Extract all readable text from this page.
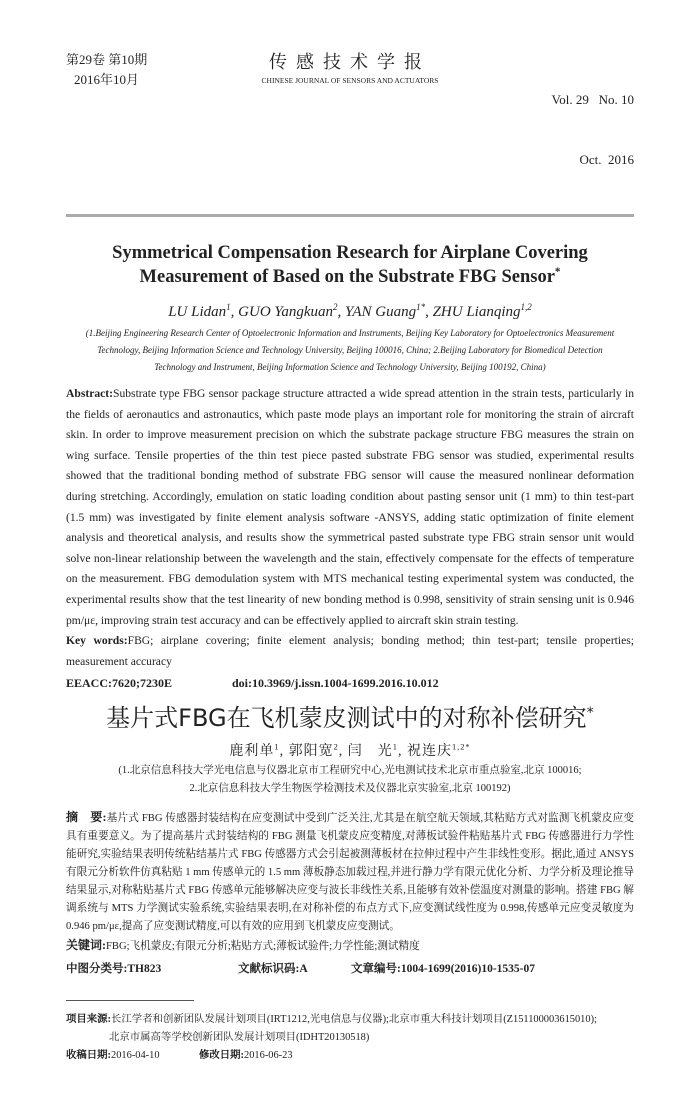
第29卷 第10期
2016年10月
传感技术学报
CHINESE JOURNAL OF SENSORS AND ACTUATORS

Vol. 29   No. 10

Oct.  2016

Symmetrical Compensation Research for Airplane Covering
Measurement of Based on the Substrate FBG Sensor*
LU Lidan$^1$, GUO Yangkuan$^2$, YAN Guang$^{1*}$, ZHU Lianqing$^{1,2}$
(1.Beijing Engineering Research Center of Optoelectronic Information and Instruments, Beijing Key Laboratory for Optoelectronics Measurement Technology, Beijing Information Science and Technology University, Beijing 100016, China; 2.Beijing Laboratory for Biomedical Detection Technology and Instrument, Beijing Information Science and Technology University, Beijing 100192, China)
Abstract:Substrate type FBG sensor package structure attracted a wide spread attention in the strain tests, particularly in the fields of aeronautics and astronautics, which paste mode plays an important role for monitoring the strain of aircraft skin. In order to improve measurement precision on which the substrate package structure FBG measures the strain on wing surface. Tensile properties of the thin test piece pasted substrate FBG sensor was studied, experimental results showed that the traditional bonding method of substrate FBG sensor will cause the measured nonlinear deformation during stretching. Accordingly, emulation on static loading condition about pasting sensor unit (1 mm) to thin test-part (1.5 mm) was investigated by finite element analysis software -ANSYS, adding static optimization of finite element analysis and theoretical analysis, and results show the symmetrical pasted substrate type FBG strain sensor unit would solve non-linear relationship between the wavelength and the stain, effectively compensate for the effects of temperature on the measurement. FBG demodulation system with MTS mechanical testing experimental system was conducted, the experimental results show that the test linearity of new bonding method is 0.998, sensitivity of strain sensing unit is 0.946 pm/με, improving strain test accuracy and can be effectively applied to aircraft skin strain testing.
Key words:FBG; airplane covering; finite element analysis; bonding method; thin test-part; tensile properties; measurement accuracy
EEACC:7620;7230E	doi:10.3969/j.issn.1004-1699.2016.10.012
基片式FBG在飞机蒙皮测试中的对称补偿研究*
鹿利单$^1$, 郭阳宽$^2$, 闫　光$^1$, 祝连庆$^{1,2*}$
(1.北京信息科技大学光电信息与仪器北京市工程研究中心,光电测试技术北京市重点验室,北京 100016;
2.北京信息科技大学生物医学检测技术及仪器北京实验室,北京 100192)
摘　要:基片式 FBG 传感器封装结构在应变测试中受到广泛关注,尤其是在航空航天领域,其粘贴方式对监测飞机蒙皮应变具有重要意义。为了提高基片式封装结构的 FBG 测量飞机蒙皮应变精度,对薄板试验件粘贴基片式 FBG 传感器进行力学性能研究,实验结果表明传统粘结基片式 FBG 传感器方式会引起被测薄板材在拉伸过程中产生非线性变形。据此,通过 ANSYS 有限元分析软件仿真粘贴 1 mm 传感单元的 1.5 mm 薄板静态加载过程,并进行静力学有限元优化分析、力学分析及理论推导结果显示,对称粘贴基片式 FBG 传感单元能够解决应变与波长非线性关系,且能够有效补偿温度对测量的影响。搭建 FBG 解调系统与 MTS 力学测试实验系统,实验结果表明,在对称补偿的布点方式下,应变测试线性度为 0.998,传感单元应变灵敏度为 0.946 pm/με,提高了应变测试精度,可以有效的应用到飞机蒙皮应变测试。
关键词:FBG;飞机蒙皮;有限元分析;粘贴方式;薄板试验件;力学性能;测试精度
中图分类号:TH823	文献标识码:A	文章编号:1004-1699(2016)10-1535-07
项目来源:长江学者和创新团队发展计划项目(IRT1212,光电信息与仪器);北京市重大科技计划项目(Z151100003615010);
北京市属高等学校创新团队发展计划项目(IDHT20130518)
收稿日期:2016-04-10	修改日期:2016-06-23
